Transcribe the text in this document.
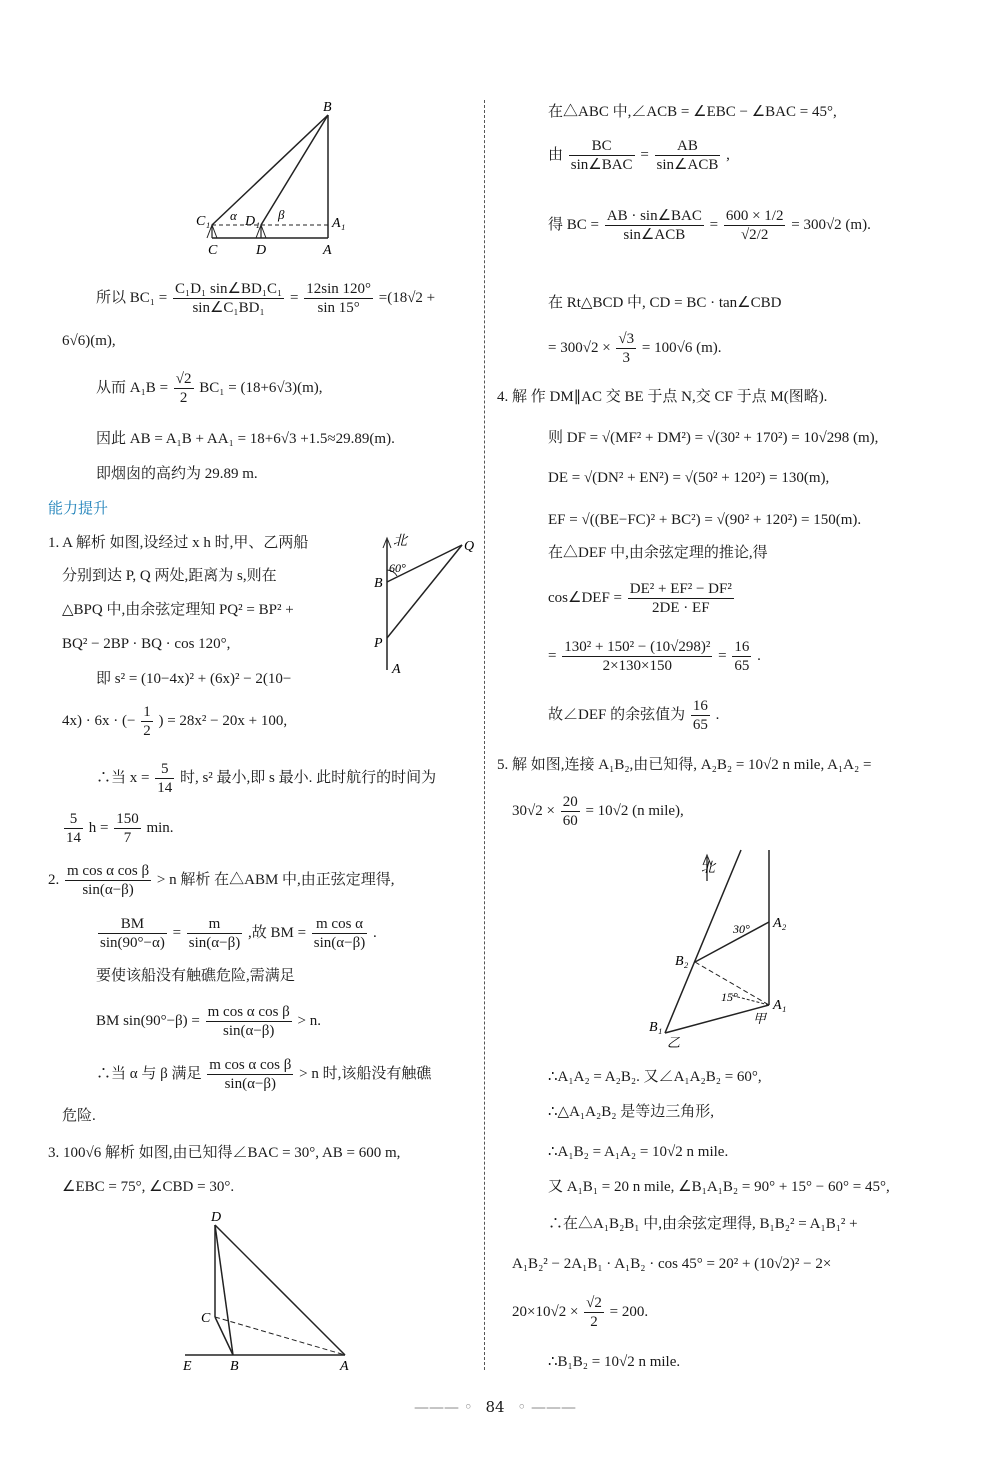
B
C₁ α D₁ β
A₁
C	D	A
所以 $BC_1 = \frac{\text{C₁D₁ sin∠BD₁C₁}}{\text{sin∠C₁BD₁}} = \frac{12\sin 120^\circ}{\sin 15^\circ} =(18√2$ +
6√6)(m),
从而 $A_1B = \frac{√2}{2} BC_1 = (18+6√3)(m)$,
因此 AB = A₁B + AA₁ = 18+6√3 +1.5≈29.89(m).
即烟囱的高约为 29.89 m.
能力提升
1. A 解析 如图,设经过 x h 时,甲、乙两船
分别到达 P, Q 两处,距离为 s,则在
△BPQ 中,由余弦定理知 PQ² = BP² +
BQ² − 2BP · BQ · cos 120°,
即 s² = (10−4x)² + (6x)² − 2(10−
4x) · 6x · (− $\frac{1}{2}$ ) = 28x² − 20x + 100,
∴当 $x = \frac{5}{14}$ 时, s² 最小,即 s 最小. 此时航行的时间为
$\frac{5}{14}$ $h = \frac{150}{7} \min$.
北	Q
60°
B
P
A
2. $\frac{\text{m cos α cos β}}{\sin(\alpha-\beta)} > n$ 解析 在△ABM 中,由正弦定理得,
$\frac{BM}{\sin(90^\circ-\alpha)} = \frac{m}{\sin(\alpha-\beta)}$ ,故 BM = $\frac{\text{m cos α}}{\sin(\alpha-\beta)}$ .
要使该船没有触礁危险,需满足
BM $\sin(90^\circ-\beta) = \frac{\text{m cos α cos β}}{\sin(\alpha-\beta)} > n$.
∴当 α 与 β 满足 $\frac{\text{m cos α cos β}}{\sin(\alpha-\beta)} > n$ 时,该船没有触礁
危险.
3. 100√6 解析 如图,由已知得∠BAC = 30°, AB = 600 m,
∠EBC = 75°, ∠CBD = 30°.
D
C
E	B	A
在△ABC 中,∠ACB = ∠EBC − ∠BAC = 45°,
由 $\frac{BC}{\text{sin∠BAC}} = \frac{AB}{\text{sin∠ACB}}$ ,
得 BC = $\frac{\text{AB · sin∠BAC}}{\text{sin∠ACB}} = \frac{600 \times 1/2}{√2/2} = 300√2$ (m).
在 Rt△BCD 中, CD = BC · tan∠CBD
= $300√2 \times \frac{√3}{3} = 100√6$ (m).
4. 解 作 DM∥AC 交 BE 于点 N,交 CF 于点 M(图略).
则 DF = √(MF² + DM²) = √(30² + 170²) = 10√298 (m),
DE = √(DN² + EN²) = √(50² + 120²) = 130(m),
EF = √((BE−FC)² + BC²) = √(90² + 120²) = 150(m).
在△DEF 中,由余弦定理的推论,得
cos∠DEF = $\frac{\text{DE² + EF² − DF²}}{2DE \cdot EF}$
= $\frac{\text{130² + 150² − (10√298)²}}{2\times 130\times 150} = \frac{16}{65}$ .
故∠DEF 的余弦值为 $\frac{16}{65}$ .
5. 解 如图,连接 A₁B₂,由已知得, A₂B₂ = 10√2 n mile, A₁A₂ =
$30√2 \times \frac{20}{60} = 10√2$ (n mile),
北
30° A₂
B₂
15°
A₁
甲
B₁
乙
∴A₁A₂ = A₂B₂. 又∠A₁A₂B₂ = 60°,
∴△A₁A₂B₂ 是等边三角形,
∴A₁B₂ = A₁A₂ = 10√2 n mile.
又 A₁B₁ = 20 n mile, ∠B₁A₁B₂ = 90° + 15° − 60° = 45°,
∴在△A₁B₂B₁ 中,由余弦定理得, B₁B₂² = A₁B₁² +
A₁B₂² − 2A₁B₁ · A₁B₂ · cos 45° = 20² + (10√2)² − 2×
$20\times 10√2 \times \frac{√2}{2} = 200$.
∴B₁B₂ = 10√2 n mile.
——— ◦ 84 ◦ ———
